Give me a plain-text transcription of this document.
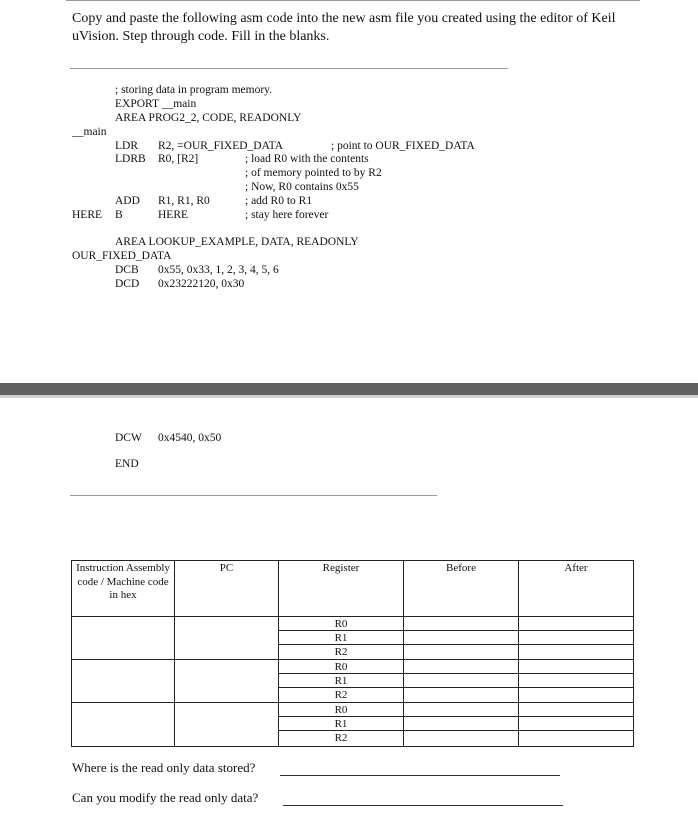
Copy and paste the following asm code into the new asm file you created using the editor of Keil uVision. Step through code. Fill in the blanks.
; storing data in program memory.
EXPORT __main
AREA PROG2_2, CODE, READONLY
__main
LDR R2, =OUR_FIXED_DATA	; point to OUR_FIXED_DATA
LDRB R0, [R2]	; load R0 with the contents
; of memory pointed to by R2
; Now, R0 contains 0x55
ADD R1, R1, R0	; add R0 to R1
HERE B	HERE	; stay here forever
AREA LOOKUP_EXAMPLE, DATA, READONLY
OUR_FIXED_DATA
DCB 0x55, 0x33, 1, 2, 3, 4, 5, 6
DCD 0x23222120, 0x30
DCW 0x4540, 0x50
END
Instruction Assembly code / Machine code in hex
PC	Register	Before	After
R0
R1
R2
R0
R1
R2
R0
R1
R2
Where is the read only data stored?
Can you modify the read only data?
